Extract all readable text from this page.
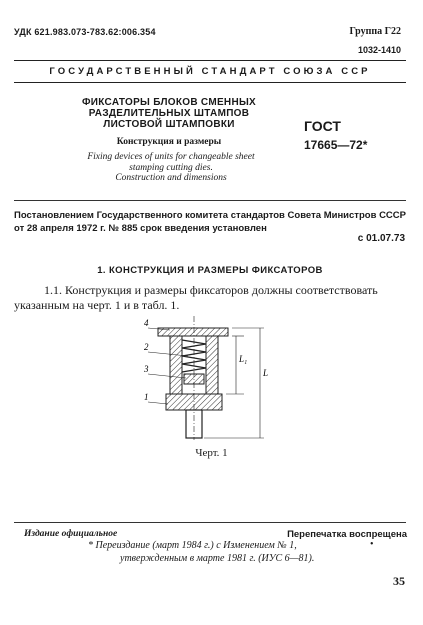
УДК 621.983.073-783.62:006.354	Группа Г22
1032-1410
ГОСУДАРСТВЕННЫЙ СТАНДАРТ СОЮЗА ССР
ФИКСАТОРЫ БЛОКОВ СМЕННЫХ
РАЗДЕЛИТЕЛЬНЫХ ШТАМПОВ
ЛИСТОВОЙ ШТАМПОВКИ
Конструкция и размеры
Fixing devices of units for changeable sheet
stamping cutting dies.
Construction and dimensions
ГОСТ
17665—72*
Постановлением Государственного комитета стандартов Совета Министров СССР от 28 апреля 1972 г. № 885 срок введения установлен
с 01.07.73
1. КОНСТРУКЦИЯ И РАЗМЕРЫ ФИКСАТОРОВ
1.1. Конструкция и размеры фиксаторов должны соответствовать указанным на черт. 1 и в табл. 1.
4
2
3
1
L₁
L
Черт. 1
Издание официальное	Перепечатка воспрещена
* Переиздание (март 1984 г.) с Изменением № 1,
утвержденным в марте 1981 г. (ИУС 6—81).
•
35
